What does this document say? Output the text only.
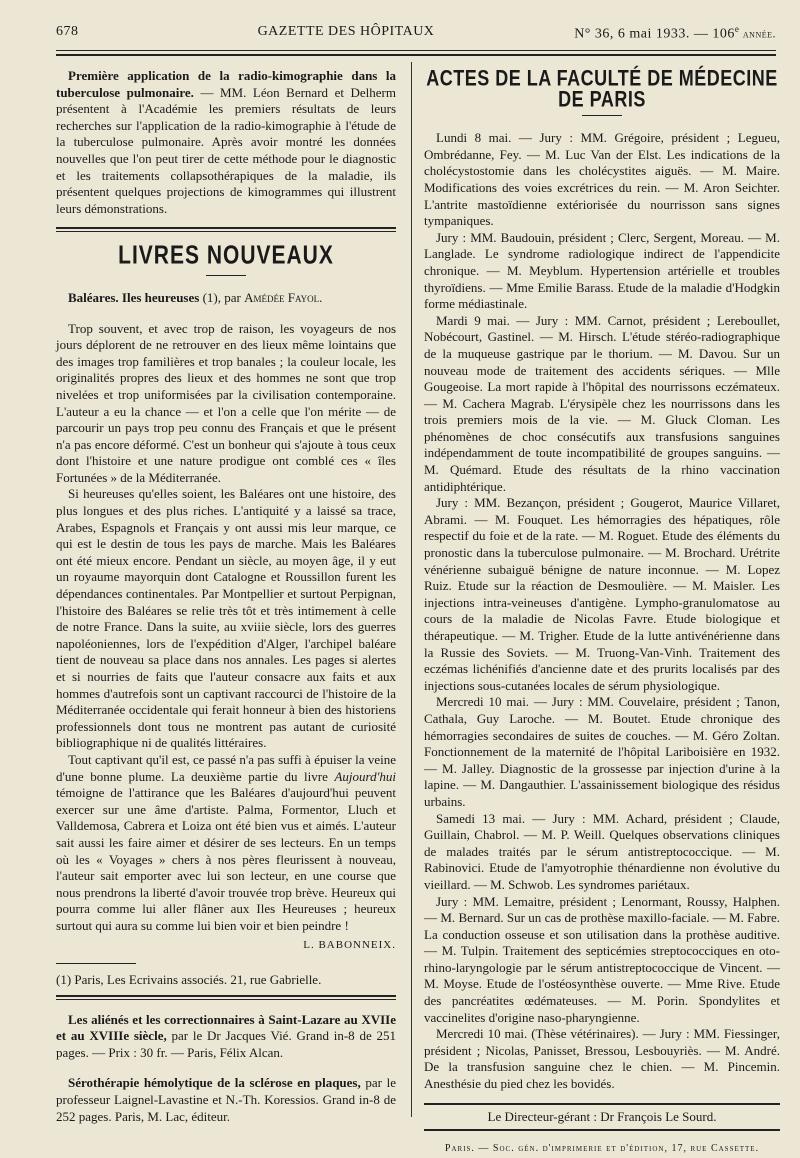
678	GAZETTE DES HÔPITAUX	N° 36, 6 mai 1933. — 106e année.

Première application de la radio-kimographie dans la tuberculose pulmonaire. — MM. Léon Bernard et Delherm présentent à l'Académie les premiers résultats de leurs recherches sur l'application de la radio-kimographie à l'étude de la tuberculose pulmonaire. Après avoir montré les données nouvelles que l'on peut tirer de cette méthode pour le diagnostic et les traitements collapsothérapiques de la maladie, ils présentent quelques projections de kimogrammes qui illustrent leurs démonstrations.

LIVRES NOUVEAUX

Baléares. Iles heureuses (1), par Amédée Fayol.

Trop souvent, et avec trop de raison, les voyageurs de nos jours déplorent de ne retrouver en des lieux même lointains que des images trop familières et trop banales ; la couleur locale, les originalités propres des lieux et des hommes ne sont que trop nivelées et trop uniformisées par la civilisation contemporaine. L'auteur a eu la chance — et l'on a celle que l'on mérite — de parcourir un pays trop peu connu des Français et que le présent n'a pas encore déformé. C'est un bonheur qui s'ajoute à tous ceux dont l'histoire et une nature prodigue ont comblé ces « îles Fortunées » de la Méditerranée.

Si heureuses qu'elles soient, les Baléares ont une histoire, des plus longues et des plus riches. L'antiquité y a laissé sa trace, Arabes, Espagnols et Français y ont aussi mis leur marque, ce qui est le destin de tous les pays de marche. Mais les Baléares ont été mieux encore. Pendant un siècle, au moyen âge, il y eut un royaume mayorquin dont Catalogne et Roussillon furent les dépendances continentales. Par Montpellier et surtout Perpignan, l'histoire des Baléares se relie très tôt et très intimement à celle de notre France. Dans la suite, au xviiie siècle, lors des guerres napoléoniennes, lors de l'expédition d'Alger, l'archipel baléare tient de nouveau sa place dans nos annales. Les pages si alertes et si nourries de faits que l'auteur consacre aux faits et aux hommes d'autrefois sont un captivant raccourci de l'histoire de la Méditerranée occidentale qui ferait honneur à bien des historiens professionnels dont tous ne montrent pas autant de curiosité bibliographique ni de qualités littéraires.

Tout captivant qu'il est, ce passé n'a pas suffi à épuiser la veine d'une bonne plume. La deuxième partie du livre Aujourd'hui témoigne de l'attirance que les Baléares d'aujourd'hui peuvent exercer sur une âme d'artiste. Palma, Formentor, Lluch et Valldemosa, Cabrera et Loiza ont été bien vus et aimés. L'auteur sait aussi les faire aimer et désirer de ses lecteurs. En un temps où les « Voyages » chers à nos pères fleurissent à nouveau, l'auteur sait emporter avec lui son lecteur, en une course que nous prendrons la liberté d'avoir trouvée trop brève. Heureux qui pourra comme lui aller flâner aux Iles Heureuses ; heureux surtout qui aura su comme lui bien voir et bien peindre !

L. BABONNEIX.

(1) Paris, Les Ecrivains associés. 21, rue Gabrielle.

Les aliénés et les correctionnaires à Saint-Lazare au XVIIe et au XVIIIe siècle, par le Dr Jacques Vié. Grand in-8 de 251 pages. — Prix : 30 fr. — Paris, Félix Alcan.

Sérothérapie hémolytique de la sclérose en plaques, par le professeur Laignel-Lavastine et N.-Th. Koressios. Grand in-8 de 252 pages. Paris, M. Lac, éditeur.

ACTES DE LA FACULTÉ DE MÉDECINE DE PARIS

Lundi 8 mai. — Jury : MM. Grégoire, président ; Legueu, Ombrédanne, Fey. — M. Luc Van der Elst. Les indications de la cholécystostomie dans les cholécystites aiguës. — M. Maire. Modifications des voies excrétrices du rein. — M. Aron Seichter. L'antrite mastoïdienne extériorisée du nourrisson sans signes tympaniques.

Jury : MM. Baudouin, président ; Clerc, Sergent, Moreau. — M. Langlade. Le syndrome radiologique indirect de l'appendicite chronique. — M. Meyblum. Hypertension artérielle et troubles thyroïdiens. — Mme Emilie Barass. Etude de la maladie d'Hodgkin forme médiastinale.

Mardi 9 mai. — Jury : MM. Carnot, président ; Lereboullet, Nobécourt, Gastinel. — M. Hirsch. L'étude stéréo-radiographique de la muqueuse gastrique par le thorium. — M. Davou. Sur un nouveau mode de traitement des accidents sériques. — Mlle Gougeoise. La mort rapide à l'hôpital des nourrissons eczémateux. — M. Cachera Magrab. L'érysipèle chez les nourrissons dans les trois premiers mois de la vie. — M. Gluck Cloman. Les phénomènes de choc consécutifs aux transfusions sanguines indépendamment de toute incompatibilité de groupes sanguins. — M. Quémard. Etude des résultats de la rhino vaccination antidiphtérique.

Jury : MM. Bezançon, président ; Gougerot, Maurice Villaret, Abrami. — M. Fouquet. Les hémorragies des hépatiques, rôle respectif du foie et de la rate. — M. Roguet. Etude des éléments du pronostic dans la tuberculose pulmonaire. — M. Brochard. Urétrite vénérienne subaiguë bénigne de nature inconnue. — M. Lopez Ruiz. Etude sur la réaction de Desmoulière. — M. Maisler. Les injections intra-veineuses d'antigène. Lympho-granulomatose au cours de la maladie de Nicolas Favre. Etude biologique et thérapeutique. — M. Trigher. Etude de la lutte antivénérienne dans la Russie des Soviets. — M. Truong-Van-Vinh. Traitement des eczémas lichénifiés d'ancienne date et des prurits localisés par des injections sous-cutanées locales de sérum physiologique.

Mercredi 10 mai. — Jury : MM. Couvelaire, président ; Tanon, Cathala, Guy Laroche. — M. Boutet. Etude chronique des hémorragies secondaires de suites de couches. — M. Géro Zoltan. Fonctionnement de la maternité de l'hôpital Lariboisière en 1932. — M. Jalley. Diagnostic de la grossesse par injection d'urine à la lapine. — M. Dangauthier. L'assainissement biologique des résidus urbains.

Samedi 13 mai. — Jury : MM. Achard, président ; Claude, Guillain, Chabrol. — M. P. Weill. Quelques observations cliniques de malades traités par le sérum antistreptococcique. — M. Rabinovici. Etude de l'amyotrophie thénardienne non évolutive du vieillard. — M. Schwob. Les syndromes pariétaux.

Jury : MM. Lemaitre, président ; Lenormant, Roussy, Halphen. — M. Bernard. Sur un cas de prothèse maxillo-faciale. — M. Fabre. La conduction osseuse et son utilisation dans la prothèse auditive. — M. Tulpin. Traitement des septicémies streptococciques en oto-rhino-laryngologie par le sérum antistreptococcique de Vincent. — M. Moyse. Etude de l'ostéosynthèse ouverte. — Mme Rive. Etude des pancréatites œdémateuses. — M. Porin. Spondylites et vaccinelites d'origine naso-pharyngienne.

Mercredi 10 mai. (Thèse vétérinaires). — Jury : MM. Fiessinger, président ; Nicolas, Panisset, Bressou, Lesbouyriès. — M. André. De la transfusion sanguine chez le chien. — M. Pincemin. Anesthésie du pied chez les bovidés.

Le Directeur-gérant : Dr François Le Sourd.
Paris. — Soc. gén. d'imprimerie et d'édition, 17, rue Cassette.
